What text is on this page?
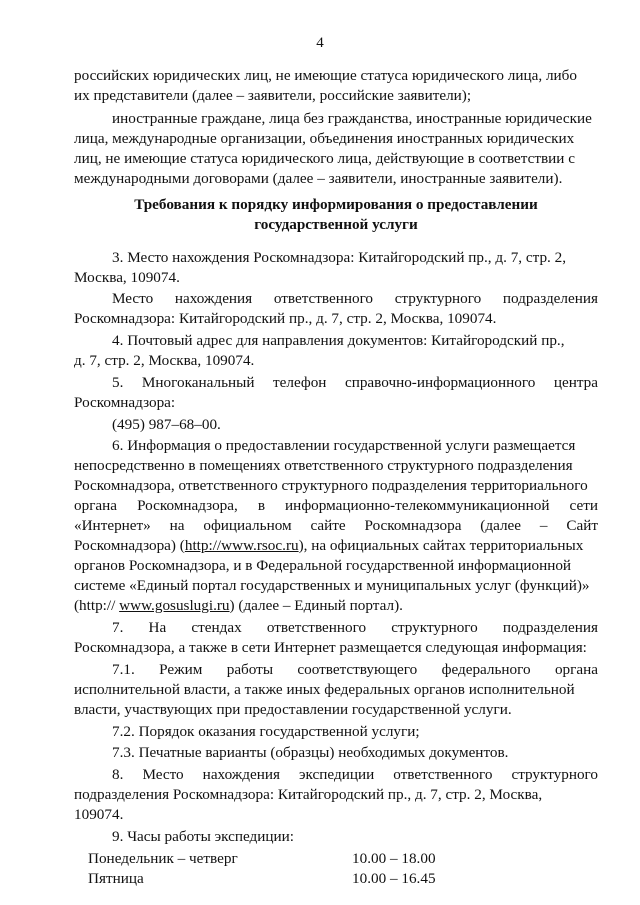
4
российских юридических лиц, не имеющие статуса юридического лица, либо
их представители (далее – заявители, российские заявители);
иностранные граждане, лица без гражданства, иностранные юридические
лица, международные организации, объединения иностранных юридических
лиц, не имеющие статуса юридического лица, действующие в соответствии с
международными договорами (далее – заявители, иностранные заявители).
Требования к порядку информирования о предоставлении
государственной услуги
3. Место нахождения Роскомнадзора: Китайгородский пр., д. 7, стр. 2,
Москва, 109074.
Место нахождения ответственного структурного подразделения
Роскомнадзора: Китайгородский пр., д. 7, стр. 2, Москва, 109074.
4. Почтовый адрес для направления документов: Китайгородский пр.,
д. 7, стр. 2, Москва, 109074.
5. Многоканальный телефон справочно-информационного центра
Роскомнадзора:
(495) 987–68–00.
6. Информация о предоставлении государственной услуги размещается
непосредственно в помещениях ответственного структурного подразделения
Роскомнадзора, ответственного структурного подразделения территориального
органа Роскомнадзора, в информационно-телекоммуникационной сети
«Интернет» на официальном сайте Роскомнадзора (далее – Сайт
Роскомнадзора) (http://www.rsoc.ru), на официальных сайтах территориальных
органов Роскомнадзора, и в Федеральной государственной информационной
системе «Единый портал государственных и муниципальных услуг (функций)»
(http:// www.gosuslugi.ru) (далее – Единый портал).
7. На стендах ответственного структурного подразделения
Роскомнадзора, а также в сети Интернет размещается следующая информация:
7.1. Режим работы соответствующего федерального органа
исполнительной власти, а также иных федеральных органов исполнительной
власти, участвующих при предоставлении государственной услуги.
7.2. Порядок оказания государственной услуги;
7.3. Печатные варианты (образцы) необходимых документов.
8. Место нахождения экспедиции ответственного структурного
подразделения Роскомнадзора: Китайгородский пр., д. 7, стр. 2, Москва,
109074.
9. Часы работы экспедиции:
Понедельник – четверг	10.00 – 18.00
Пятница	10.00 – 16.45
